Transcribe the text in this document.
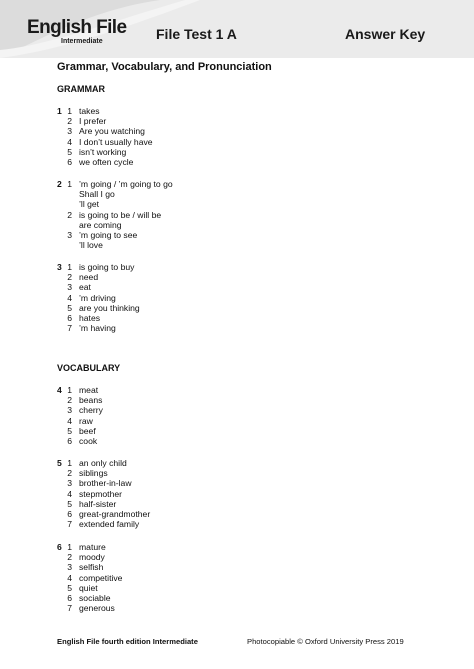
English File
Intermediate	File Test 1 A	Answer Key
Grammar, Vocabulary, and Pronunciation
GRAMMAR
1 1 takes
2 I prefer
3 Are you watching
4 I don’t usually have
5 isn’t working
6 we often cycle
2 1 ’m going / ’m going to go
Shall I go
’ll get
2 is going to be / will be
are coming
3 ’m going to see
’ll love
3 1 is going to buy
2 need
3 eat
4 ’m driving
5 are you thinking
6 hates
7 ’m having
VOCABULARY
4 1 meat
2 beans
3 cherry
4 raw
5 beef
6 cook
5 1 an only child
2 siblings
3 brother-in-law
4 stepmother
5 half-sister
6 great-grandmother
7 extended family
6 1 mature
2 moody
3 selfish
4 competitive
5 quiet
6 sociable
7 generous
English File fourth edition Intermediate	Photocopiable © Oxford University Press 2019
